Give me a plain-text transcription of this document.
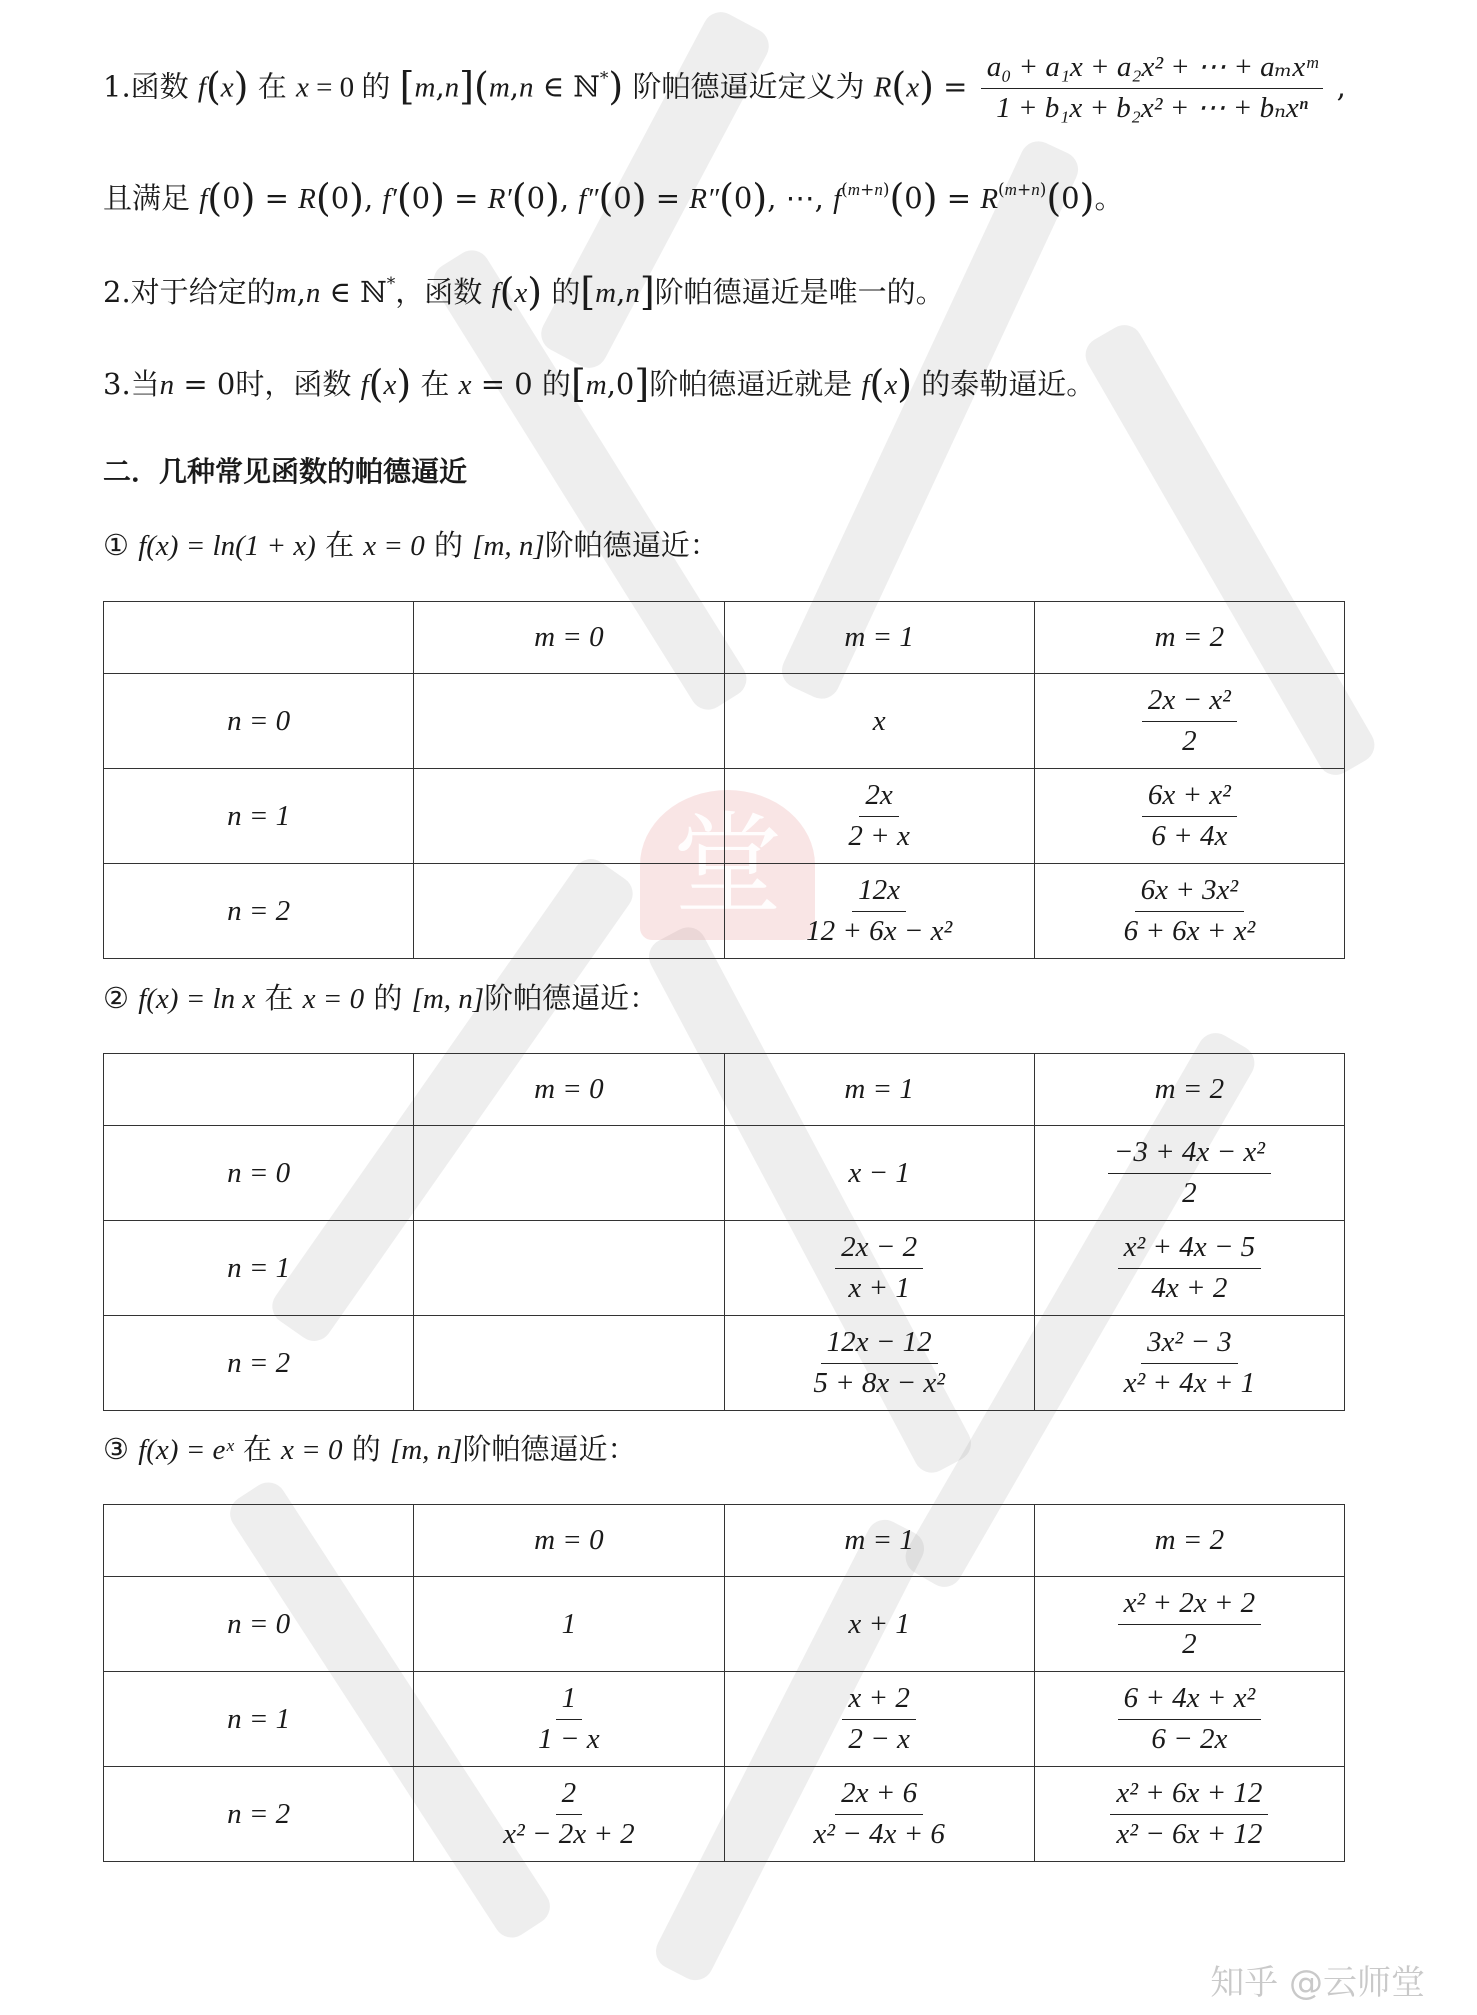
堂
1.函数 f(x) 在 x = 0 的 [m,n](m,n ∈ ℕ*) 阶帕德逼近定义为 $R(x) = \frac{\text{a₀ + a₁x + a₂x² + ⋯ + aₘxᵐ}}{\text{1 + b₁x + b₂x² + ⋯ + bₙxⁿ}}$ ,
且满足 f(0) = R(0), f′(0) = R′(0), f″(0) = R″(0), ⋯, $f^{(m+n)}(0) = R^{(m+n)}(0)$。
2.对于给定的m,n ∈ ℕ*，函数 f(x) 的[m,n]阶帕德逼近是唯一的。
3.当n = 0时，函数 f(x) 在 x = 0 的[m,0]阶帕德逼近就是 f(x) 的泰勒逼近。
二．几种常见函数的帕德逼近
① f(x) = ln(1 + x) 在 x = 0 的 [m, n]阶帕德逼近：
② f(x) = ln x 在 x = 0 的 [m, n]阶帕德逼近：
③ f(x) = eˣ 在 x = 0 的 [m, n]阶帕德逼近：
	m = 0	m = 1	m = 2
n = 0		x	$\frac{\text{2x − x²}}{2}$

n = 1		$\frac{2x}{2 + x}$	$\frac{\text{6x + x²}}{6 + 4x}$

n = 2		$\frac{12x}{\text{12 + 6x − x²}}$	$\frac{\text{6x + 3x²}}{\text{6 + 6x + x²}}$
	m = 0	m = 1	m = 2
n = 0		x − 1	$\frac{\text{−3 + 4x − x²}}{2}$

n = 1		$\frac{2x - 2}{x + 1}$	$\frac{\text{x² + 4x − 5}}{4x + 2}$

n = 2		$\frac{12x - 12}{\text{5 + 8x − x²}}$	$\frac{\text{3x² − 3}}{\text{x² + 4x + 1}}$
	m = 0	m = 1	m = 2
n = 0	1	x + 1	$\frac{\text{x² + 2x + 2}}{2}$

n = 1	$\frac{1}{1 - x}$	$\frac{x + 2}{2 - x}$	$\frac{\text{6 + 4x + x²}}{6 - 2x}$

n = 2	$\frac{2}{\text{x² − 2x + 2}}$	$\frac{2x + 6}{\text{x² − 4x + 6}}$	$\frac{\text{x² + 6x + 12}}{\text{x² − 6x + 12}}$
知乎 @云师堂
